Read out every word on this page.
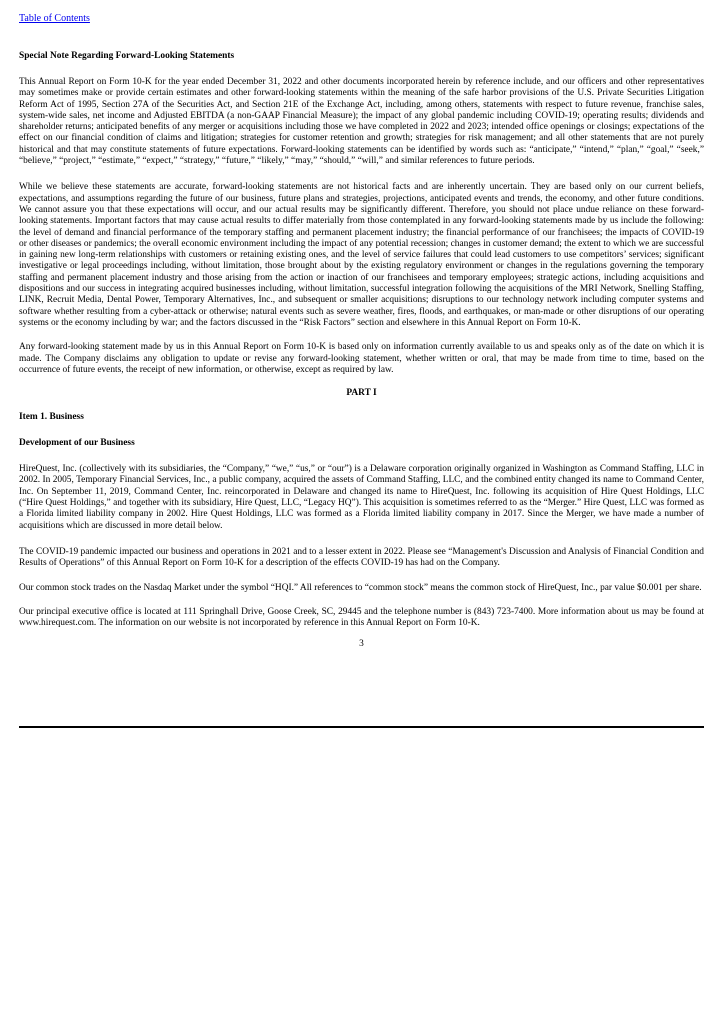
Table of Contents

Special Note Regarding Forward-Looking Statements

This Annual Report on Form 10-K for the year ended December 31, 2022 and other documents incorporated herein by reference include, and our officers and other representatives may sometimes make or provide certain estimates and other forward-looking statements within the meaning of the safe harbor provisions of the U.S. Private Securities Litigation Reform Act of 1995, Section 27A of the Securities Act, and Section 21E of the Exchange Act, including, among others, statements with respect to future revenue, franchise sales, system-wide sales, net income and Adjusted EBITDA (a non-GAAP Financial Measure); the impact of any global pandemic including COVID-19; operating results; dividends and shareholder returns; anticipated benefits of any merger or acquisitions including those we have completed in 2022 and 2023; intended office openings or closings; expectations of the effect on our financial condition of claims and litigation; strategies for customer retention and growth; strategies for risk management; and all other statements that are not purely historical and that may constitute statements of future expectations. Forward-looking statements can be identified by words such as: “anticipate,” “intend,” “plan,” “goal,” “seek,” “believe,” “project,” “estimate,” “expect,” “strategy,” “future,” “likely,” “may,” “should,” “will,” and similar references to future periods.

While we believe these statements are accurate, forward-looking statements are not historical facts and are inherently uncertain. They are based only on our current beliefs, expectations, and assumptions regarding the future of our business, future plans and strategies, projections, anticipated events and trends, the economy, and other future conditions. We cannot assure you that these expectations will occur, and our actual results may be significantly different. Therefore, you should not place undue reliance on these forward-looking statements. Important factors that may cause actual results to differ materially from those contemplated in any forward-looking statements made by us include the following: the level of demand and financial performance of the temporary staffing and permanent placement industry; the financial performance of our franchisees; the impacts of COVID-19 or other diseases or pandemics; the overall economic environment including the impact of any potential recession; changes in customer demand; the extent to which we are successful in gaining new long-term relationships with customers or retaining existing ones, and the level of service failures that could lead customers to use competitors’ services; significant investigative or legal proceedings including, without limitation, those brought about by the existing regulatory environment or changes in the regulations governing the temporary staffing and permanent placement industry and those arising from the action or inaction of our franchisees and temporary employees; strategic actions, including acquisitions and dispositions and our success in integrating acquired businesses including, without limitation, successful integration following the acquisitions of the MRI Network, Snelling Staffing, LINK, Recruit Media, Dental Power, Temporary Alternatives, Inc., and subsequent or smaller acquisitions; disruptions to our technology network including computer systems and software whether resulting from a cyber-attack or otherwise; natural events such as severe weather, fires, floods, and earthquakes, or man-made or other disruptions of our operating systems or the economy including by war; and the factors discussed in the “Risk Factors” section and elsewhere in this Annual Report on Form 10-K.

Any forward-looking statement made by us in this Annual Report on Form 10-K is based only on information currently available to us and speaks only as of the date on which it is made. The Company disclaims any obligation to update or revise any forward-looking statement, whether written or oral, that may be made from time to time, based on the occurrence of future events, the receipt of new information, or otherwise, except as required by law.

PART I

Item 1. Business

Development of our Business

HireQuest, Inc. (collectively with its subsidiaries, the “Company,” “we,” “us,” or “our”) is a Delaware corporation originally organized in Washington as Command Staffing, LLC in 2002. In 2005, Temporary Financial Services, Inc., a public company, acquired the assets of Command Staffing, LLC, and the combined entity changed its name to Command Center, Inc. On September 11, 2019, Command Center, Inc. reincorporated in Delaware and changed its name to HireQuest, Inc. following its acquisition of Hire Quest Holdings, LLC (“Hire Quest Holdings,” and together with its subsidiary, Hire Quest, LLC, “Legacy HQ”). This acquisition is sometimes referred to as the “Merger.” Hire Quest, LLC was formed as a Florida limited liability company in 2002. Hire Quest Holdings, LLC was formed as a Florida limited liability company in 2017. Since the Merger, we have made a number of acquisitions which are discussed in more detail below.

The COVID-19 pandemic impacted our business and operations in 2021 and to a lesser extent in 2022. Please see “Management's Discussion and Analysis of Financial Condition and Results of Operations” of this Annual Report on Form 10-K for a description of the effects COVID-19 has had on the Company.

Our common stock trades on the Nasdaq Market under the symbol “HQI.” All references to “common stock” means the common stock of HireQuest, Inc., par value $0.001 per share.

Our principal executive office is located at 111 Springhall Drive, Goose Creek, SC, 29445 and the telephone number is (843) 723-7400. More information about us may be found at www.hirequest.com. The information on our website is not incorporated by reference in this Annual Report on Form 10-K.

3
